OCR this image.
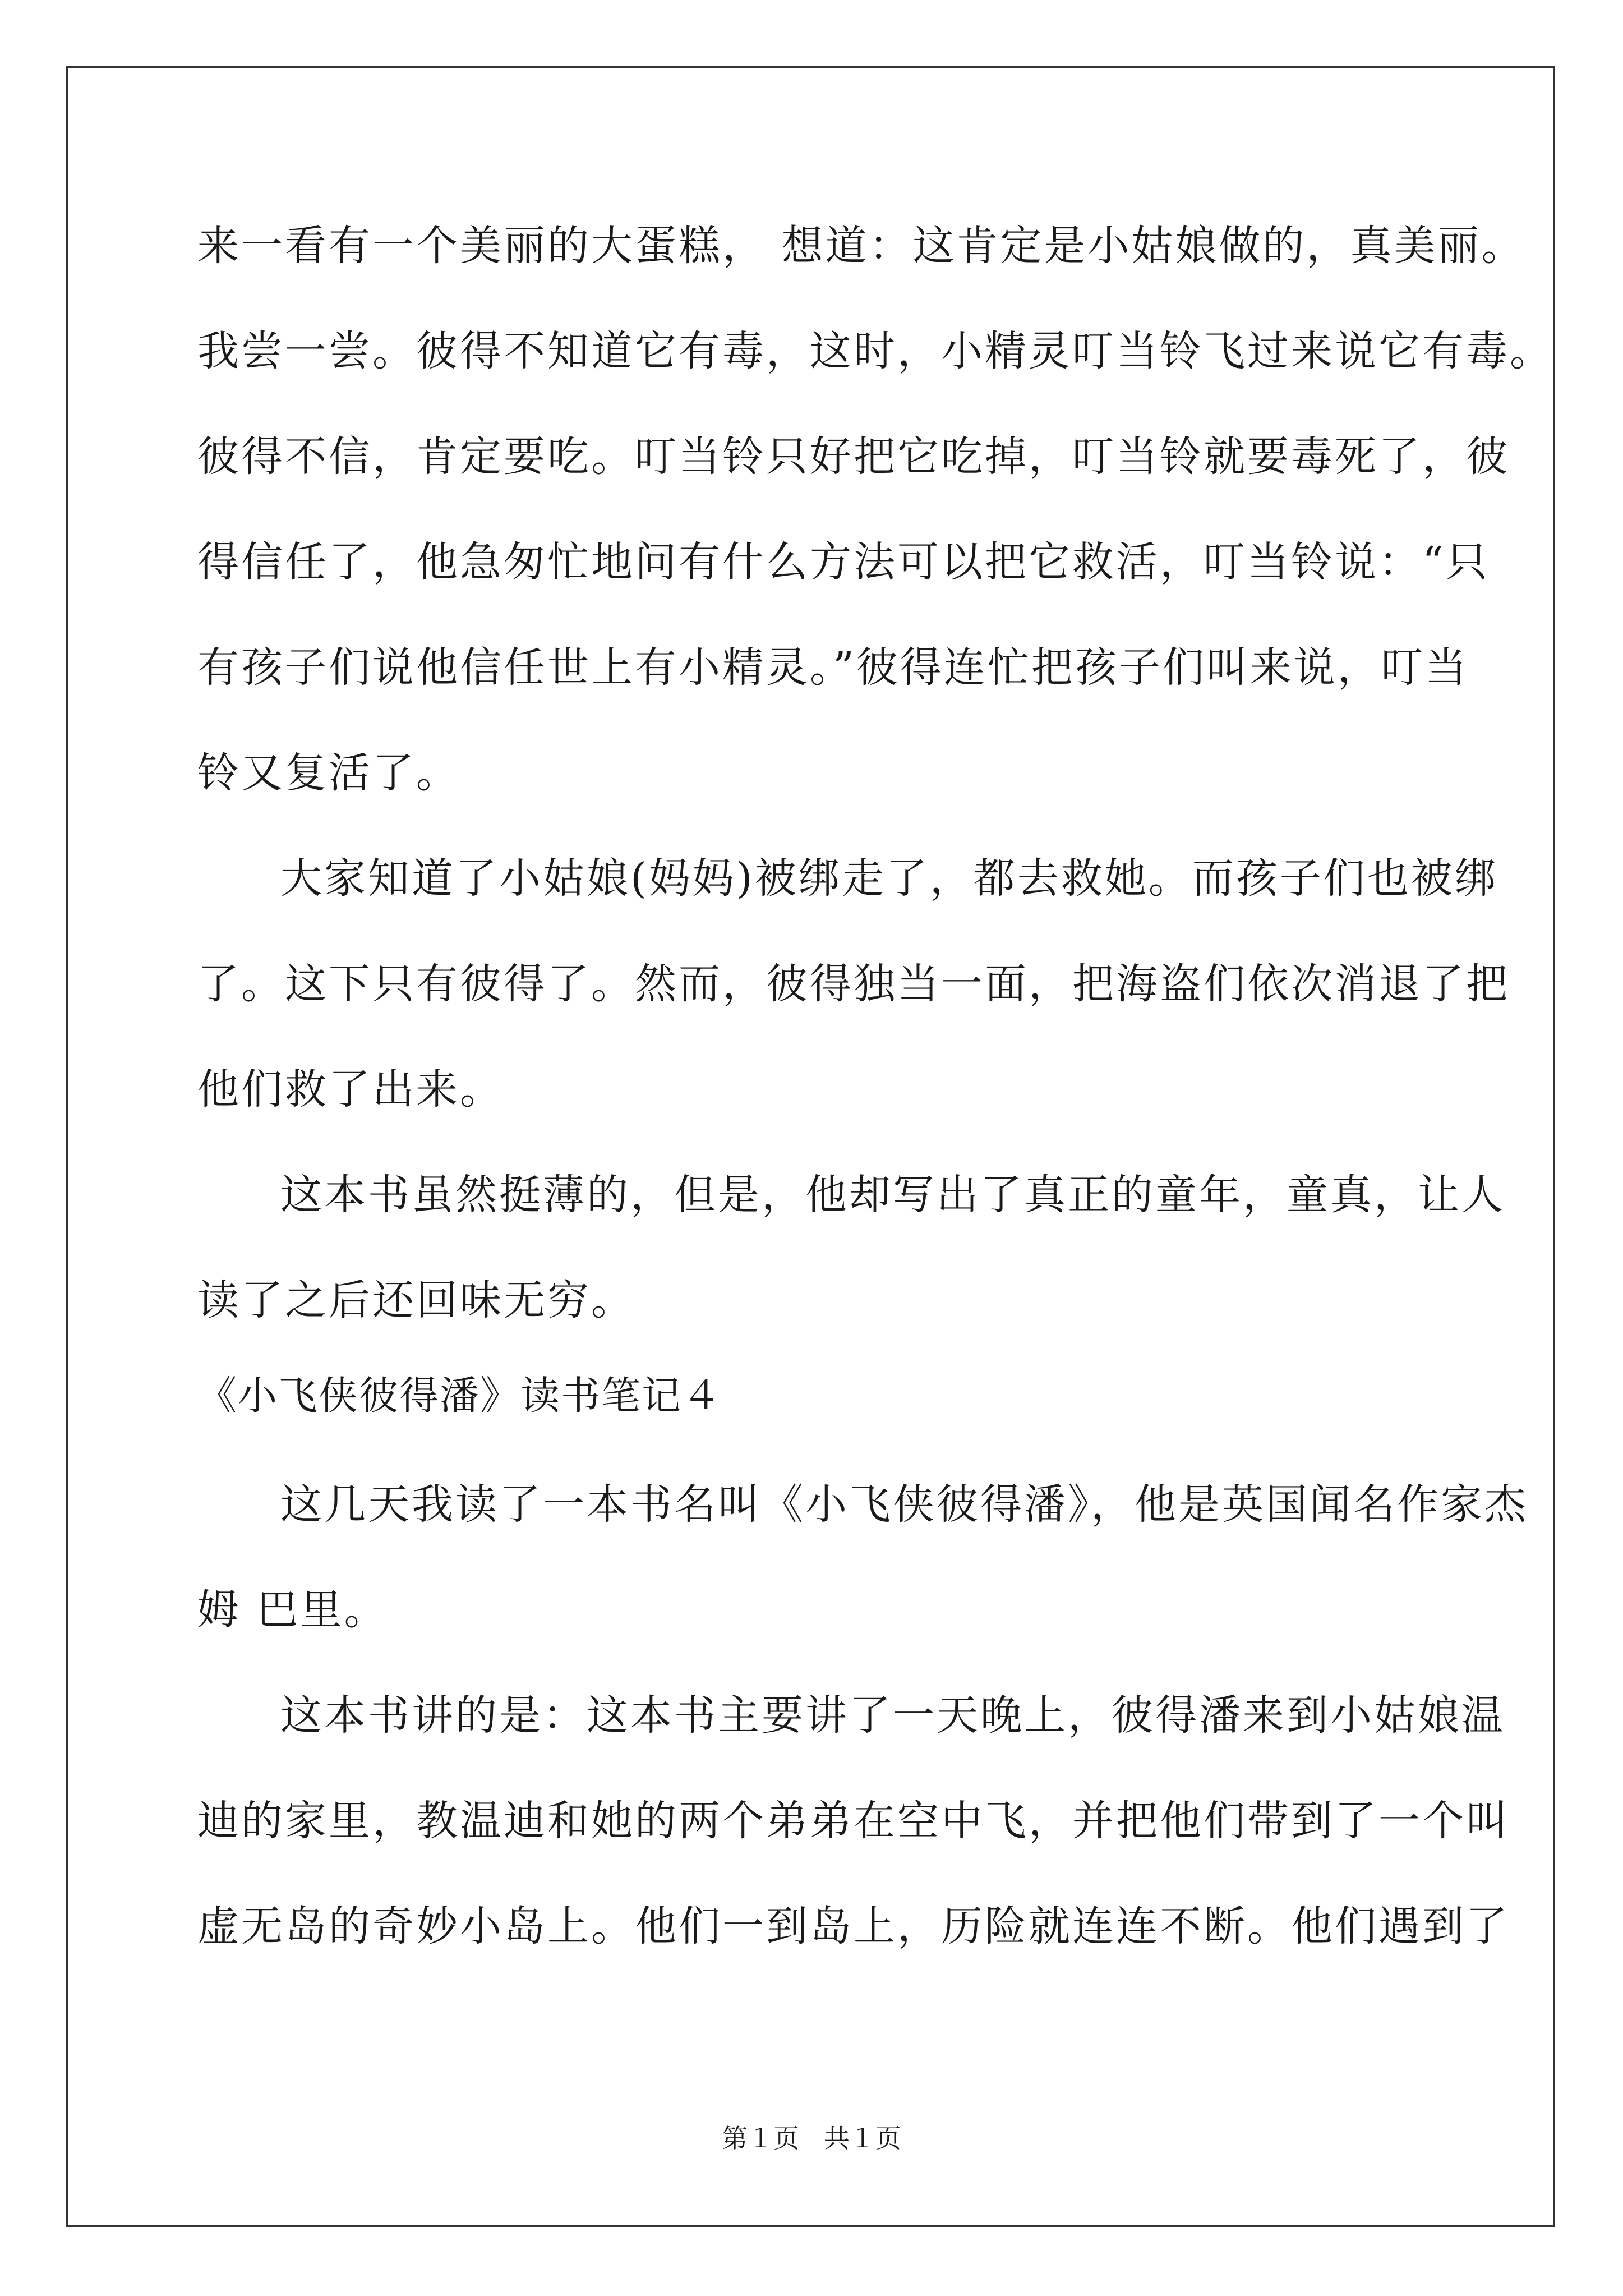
来一看有一个美丽的大蛋糕， 想道：这肯定是小姑娘做的，真美丽。
我尝一尝。彼得不知道它有毒，这时，小精灵叮当铃飞过来说它有毒。
彼得不信，肯定要吃。叮当铃只好把它吃掉，叮当铃就要毒死了，彼
得信任了，他急匆忙地问有什么方法可以把它救活，叮当铃说：“只
有孩子们说他信任世上有小精灵。”彼得连忙把孩子们叫来说，叮当
铃又复活了。
大家知道了小姑娘(妈妈)被绑走了，都去救她。而孩子们也被绑
了。这下只有彼得了。然而，彼得独当一面，把海盗们依次消退了把
他们救了出来。
这本书虽然挺薄的，但是，他却写出了真正的童年，童真，让人
读了之后还回味无穷。
《小飞侠彼得潘》读书笔记４
这几天我读了一本书名叫《小飞侠彼得潘》，他是英国闻名作家杰
姆 巴里。
这本书讲的是：这本书主要讲了一天晚上，彼得潘来到小姑娘温
迪的家里，教温迪和她的两个弟弟在空中飞，并把他们带到了一个叫
虚无岛的奇妙小岛上。他们一到岛上，历险就连连不断。他们遇到了
第１页   共１页
